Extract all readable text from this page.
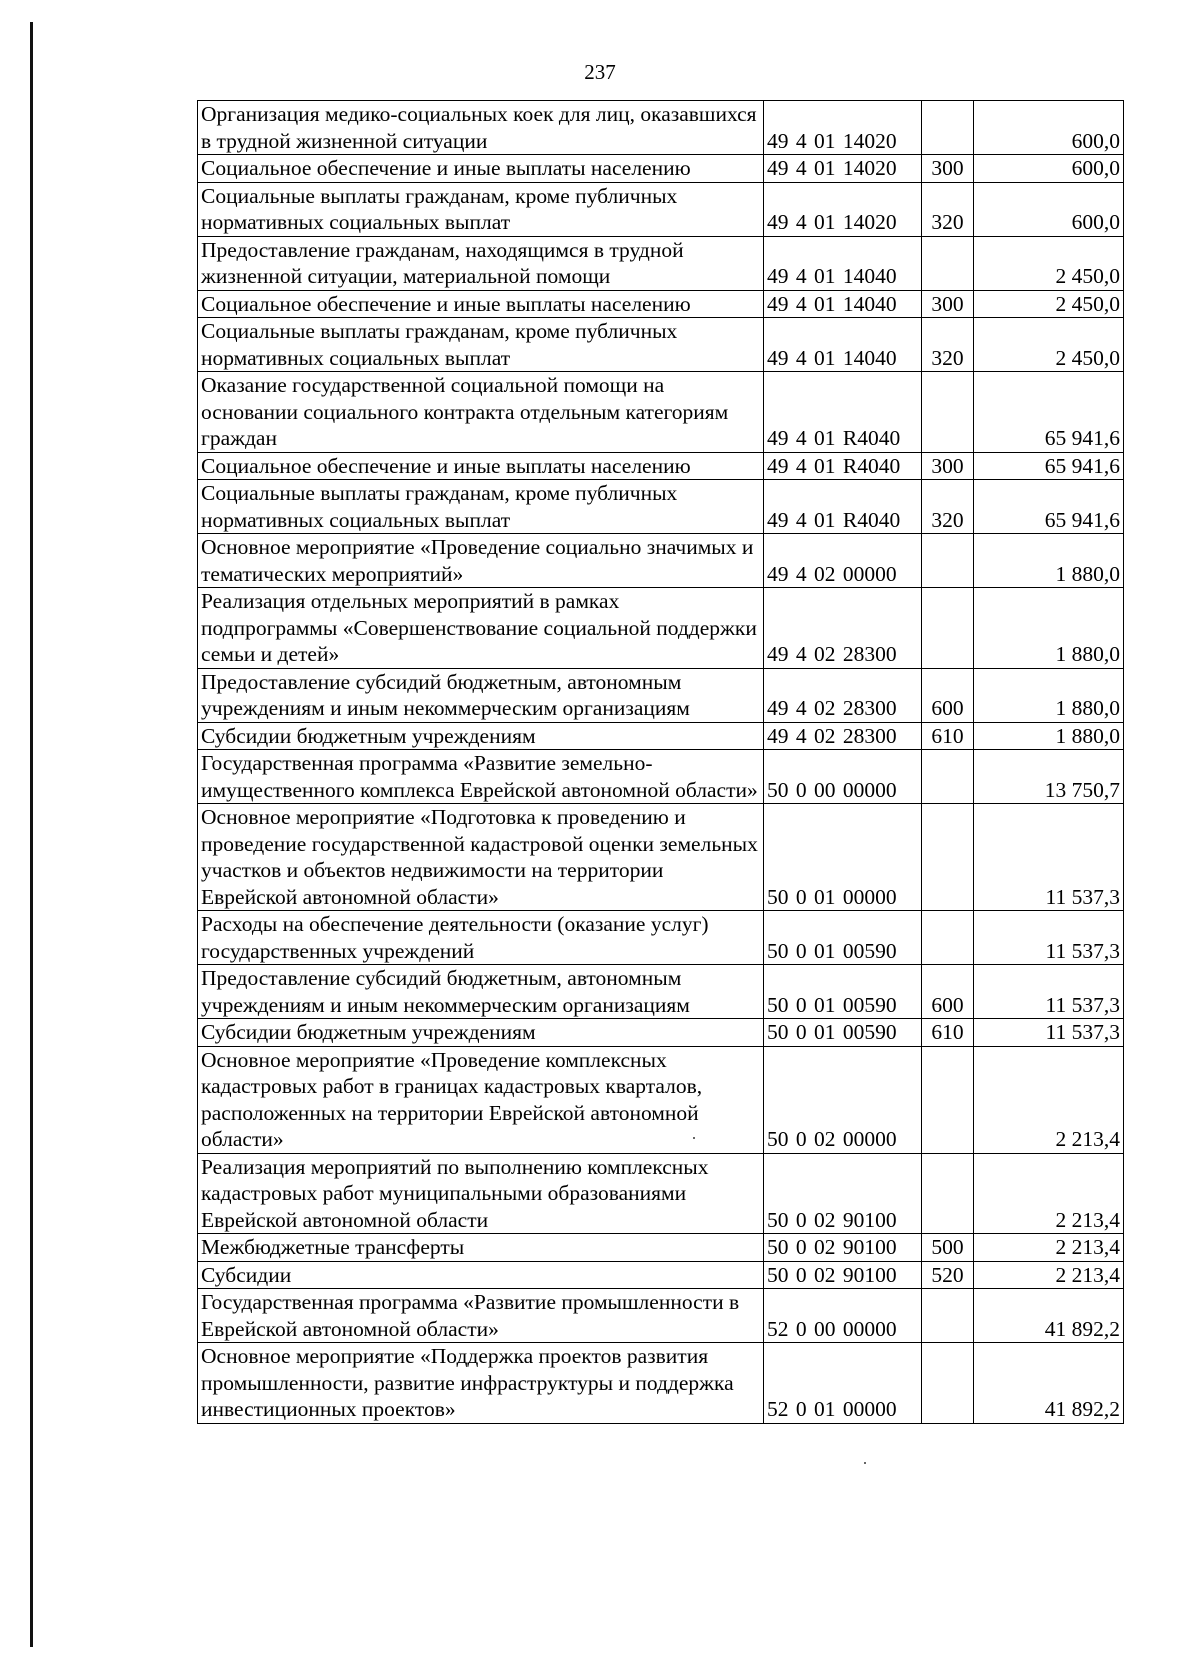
237
Организация медико-социальных коек для лиц, оказавшихся в трудной жизненной ситуации	49 4 01 14020		600,0
Социальное обеспечение и иные выплаты населению	49 4 01 14020	300	600,0
Социальные выплаты гражданам, кроме публичных нормативных социальных выплат	49 4 01 14020	320	600,0
Предоставление гражданам, находящимся в трудной жизненной ситуации, материальной помощи	49 4 01 14040		2 450,0
Социальное обеспечение и иные выплаты населению	49 4 01 14040	300	2 450,0
Социальные выплаты гражданам, кроме публичных нормативных социальных выплат	49 4 01 14040	320	2 450,0
Оказание государственной социальной помощи на основании социального контракта отдельным категориям граждан	49 4 01 R4040		65 941,6
Социальное обеспечение и иные выплаты населению	49 4 01 R4040	300	65 941,6
Социальные выплаты гражданам, кроме публичных нормативных социальных выплат	49 4 01 R4040	320	65 941,6
Основное мероприятие «Проведение социально значимых и тематических мероприятий»	49 4 02 00000		1 880,0
Реализация отдельных мероприятий в рамках подпрограммы «Совершенствование социальной поддержки семьи и детей»	49 4 02 28300		1 880,0
Предоставление субсидий бюджетным, автономным учреждениям и иным некоммерческим организациям	49 4 02 28300	600	1 880,0
Субсидии бюджетным учреждениям	49 4 02 28300	610	1 880,0
Государственная программа «Развитие земельно-имущественного комплекса Еврейской автономной области»	50 0 00 00000		13 750,7
Основное мероприятие «Подготовка к проведению и проведение государственной кадастровой оценки земельных участков и объектов недвижимости на территории Еврейской автономной области»	50 0 01 00000		11 537,3
Расходы на обеспечение деятельности (оказание услуг) государственных учреждений	50 0 01 00590		11 537,3
Предоставление субсидий бюджетным, автономным учреждениям и иным некоммерческим организациям	50 0 01 00590	600	11 537,3
Субсидии бюджетным учреждениям	50 0 01 00590	610	11 537,3
Основное мероприятие «Проведение комплексных кадастровых работ в границах кадастровых кварталов, расположенных на территории Еврейской автономной области»	50 0 02 00000		2 213,4
Реализация мероприятий по выполнению комплексных кадастровых работ муниципальными образованиями Еврейской автономной области	50 0 02 90100		2 213,4
Межбюджетные трансферты	50 0 02 90100	500	2 213,4
Субсидии	50 0 02 90100	520	2 213,4
Государственная программа «Развитие промышленности в Еврейской автономной области»	52 0 00 00000		41 892,2
Основное мероприятие «Поддержка проектов развития промышленности, развитие инфраструктуры и поддержка инвестиционных проектов»	52 0 01 00000		41 892,2
